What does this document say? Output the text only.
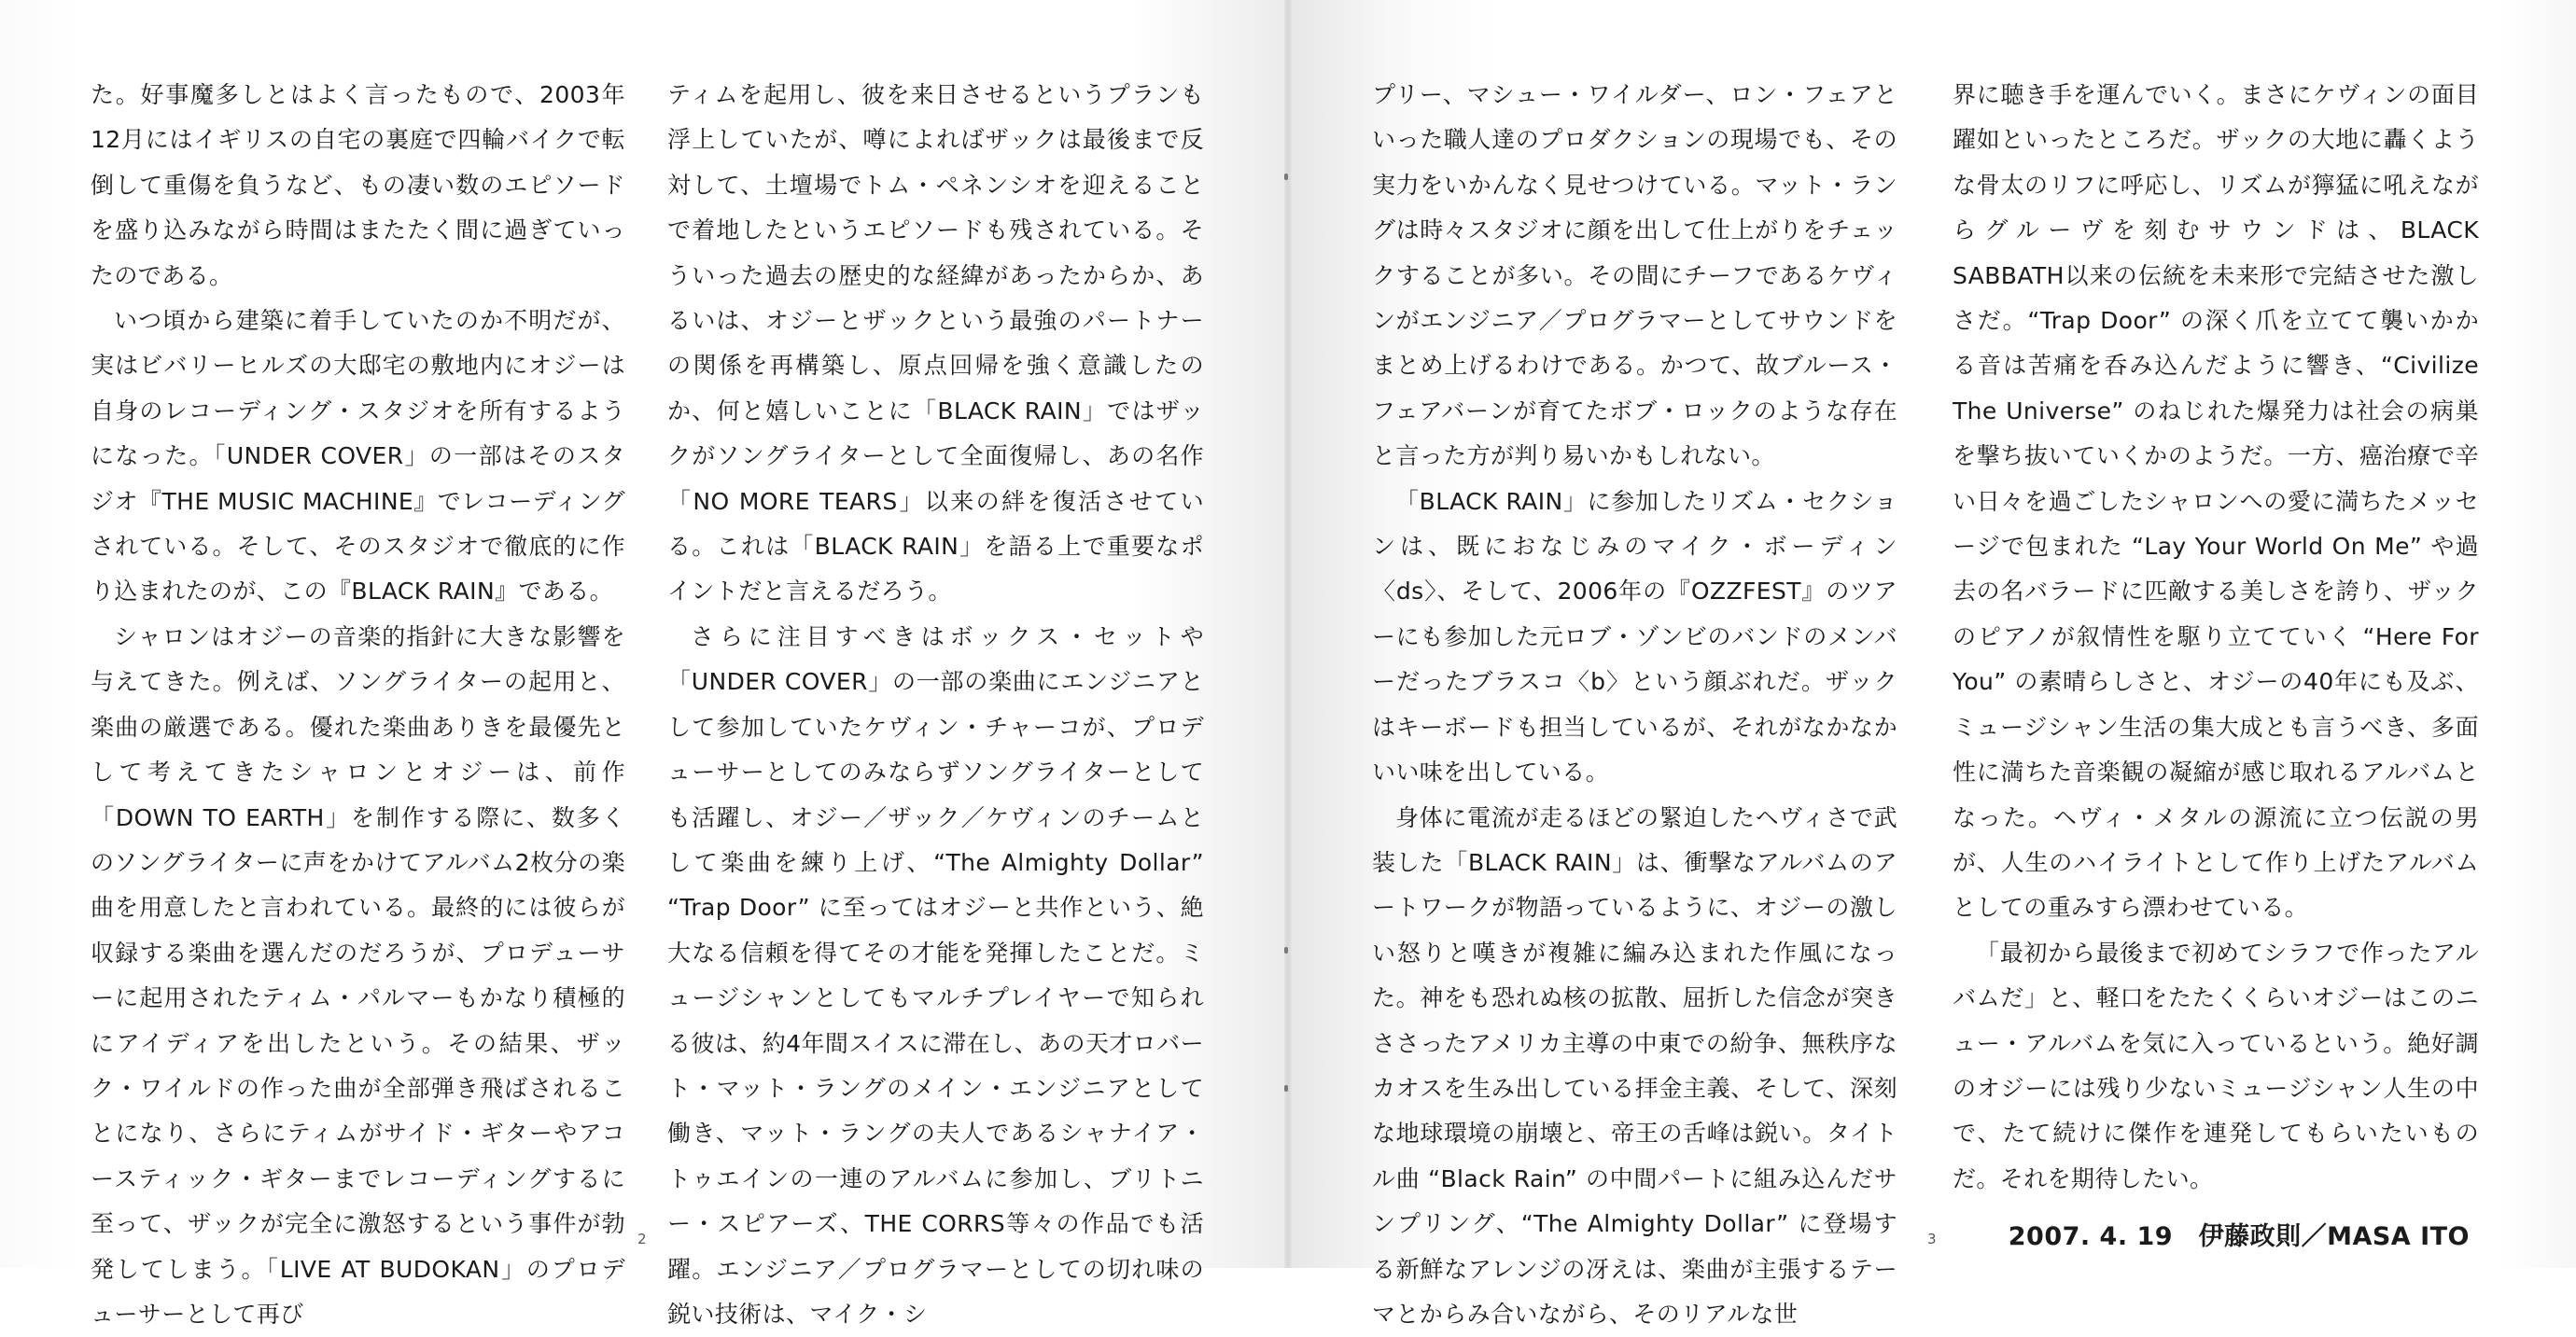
た。好事魔多しとはよく言ったもので、2003年12月にはイギリスの自宅の裏庭で四輪バイクで転倒して重傷を負うなど、もの凄い数のエピソードを盛り込みながら時間はまたたく間に過ぎていったのである。

いつ頃から建築に着手していたのか不明だが、実はビバリーヒルズの大邸宅の敷地内にオジーは自身のレコーディング・スタジオを所有するようになった。「UNDER COVER」の一部はそのスタジオ『THE MUSIC MACHINE』でレコーディングされている。そして、そのスタジオで徹底的に作り込まれたのが、この『BLACK RAIN』である。

シャロンはオジーの音楽的指針に大きな影響を与えてきた。例えば、ソングライターの起用と、楽曲の厳選である。優れた楽曲ありきを最優先として考えてきたシャロンとオジーは、前作「DOWN TO EARTH」を制作する際に、数多くのソングライターに声をかけてアルバム2枚分の楽曲を用意したと言われている。最終的には彼らが収録する楽曲を選んだのだろうが、プロデューサーに起用されたティム・パルマーもかなり積極的にアイディアを出したという。その結果、ザック・ワイルドの作った曲が全部弾き飛ばされることになり、さらにティムがサイド・ギターやアコースティック・ギターまでレコーディングするに至って、ザックが完全に激怒するという事件が勃発してしまう。「LIVE AT BUDOKAN」のプロデューサーとして再び

ティムを起用し、彼を来日させるというプランも浮上していたが、噂によればザックは最後まで反対して、土壇場でトム・ペネンシオを迎えることで着地したというエピソードも残されている。そういった過去の歴史的な経緯があったからか、あるいは、オジーとザックという最強のパートナーの関係を再構築し、原点回帰を強く意識したのか、何と嬉しいことに「BLACK RAIN」ではザックがソングライターとして全面復帰し、あの名作「NO MORE TEARS」以来の絆を復活させている。これは「BLACK RAIN」を語る上で重要なポイントだと言えるだろう。

さらに注目すべきはボックス・セットや「UNDER COVER」の一部の楽曲にエンジニアとして参加していたケヴィン・チャーコが、プロデューサーとしてのみならずソングライターとしても活躍し、オジー／ザック／ケヴィンのチームとして楽曲を練り上げ、“The Almighty Dollar” “Trap Door” に至ってはオジーと共作という、絶大なる信頼を得てその才能を発揮したことだ。ミュージシャンとしてもマルチプレイヤーで知られる彼は、約4年間スイスに滞在し、あの天才ロバート・マット・ラングのメイン・エンジニアとして働き、マット・ラングの夫人であるシャナイア・トゥエインの一連のアルバムに参加し、ブリトニー・スピアーズ、THE CORRS等々の作品でも活躍。エンジニア／プログラマーとしての切れ味の鋭い技術は、マイク・シ

2

プリー、マシュー・ワイルダー、ロン・フェアといった職人達のプロダクションの現場でも、その実力をいかんなく見せつけている。マット・ラングは時々スタジオに顔を出して仕上がりをチェックすることが多い。その間にチーフであるケヴィンがエンジニア／プログラマーとしてサウンドをまとめ上げるわけである。かつて、故ブルース・フェアバーンが育てたボブ・ロックのような存在と言った方が判り易いかもしれない。

「BLACK RAIN」に参加したリズム・セクションは、既におなじみのマイク・ボーディン〈ds〉、そして、2006年の『OZZFEST』のツアーにも参加した元ロブ・ゾンビのバンドのメンバーだったブラスコ〈b〉という顔ぶれだ。ザックはキーボードも担当しているが、それがなかなかいい味を出している。

身体に電流が走るほどの緊迫したヘヴィさで武装した「BLACK RAIN」は、衝撃なアルバムのアートワークが物語っているように、オジーの激しい怒りと嘆きが複雑に編み込まれた作風になった。神をも恐れぬ核の拡散、屈折した信念が突きささったアメリカ主導の中東での紛争、無秩序なカオスを生み出している拝金主義、そして、深刻な地球環境の崩壊と、帝王の舌峰は鋭い。タイトル曲 “Black Rain” の中間パートに組み込んだサンプリング、“The Almighty Dollar” に登場する新鮮なアレンジの冴えは、楽曲が主張するテーマとからみ合いながら、そのリアルな世

界に聴き手を運んでいく。まさにケヴィンの面目躍如といったところだ。ザックの大地に轟くような骨太のリフに呼応し、リズムが獰猛に吼えながらグルーヴを刻むサウンドは、BLACK SABBATH以来の伝統を未来形で完結させた激しさだ。“Trap Door” の深く爪を立てて襲いかかる音は苦痛を呑み込んだように響き、“Civilize The Universe” のねじれた爆発力は社会の病巣を撃ち抜いていくかのようだ。一方、癌治療で辛い日々を過ごしたシャロンへの愛に満ちたメッセージで包まれた “Lay Your World On Me” や過去の名バラードに匹敵する美しさを誇り、ザックのピアノが叙情性を駆り立てていく “Here For You” の素晴らしさと、オジーの40年にも及ぶ、ミュージシャン生活の集大成とも言うべき、多面性に満ちた音楽観の凝縮が感じ取れるアルバムとなった。ヘヴィ・メタルの源流に立つ伝説の男が、人生のハイライトとして作り上げたアルバムとしての重みすら漂わせている。

「最初から最後まで初めてシラフで作ったアルバムだ」と、軽口をたたくくらいオジーはこのニュー・アルバムを気に入っているという。絶好調のオジーには残り少ないミュージシャン人生の中で、たて続けに傑作を連発してもらいたいものだ。それを期待したい。

2007. 4. 19　伊藤政則／MASA ITO
3
